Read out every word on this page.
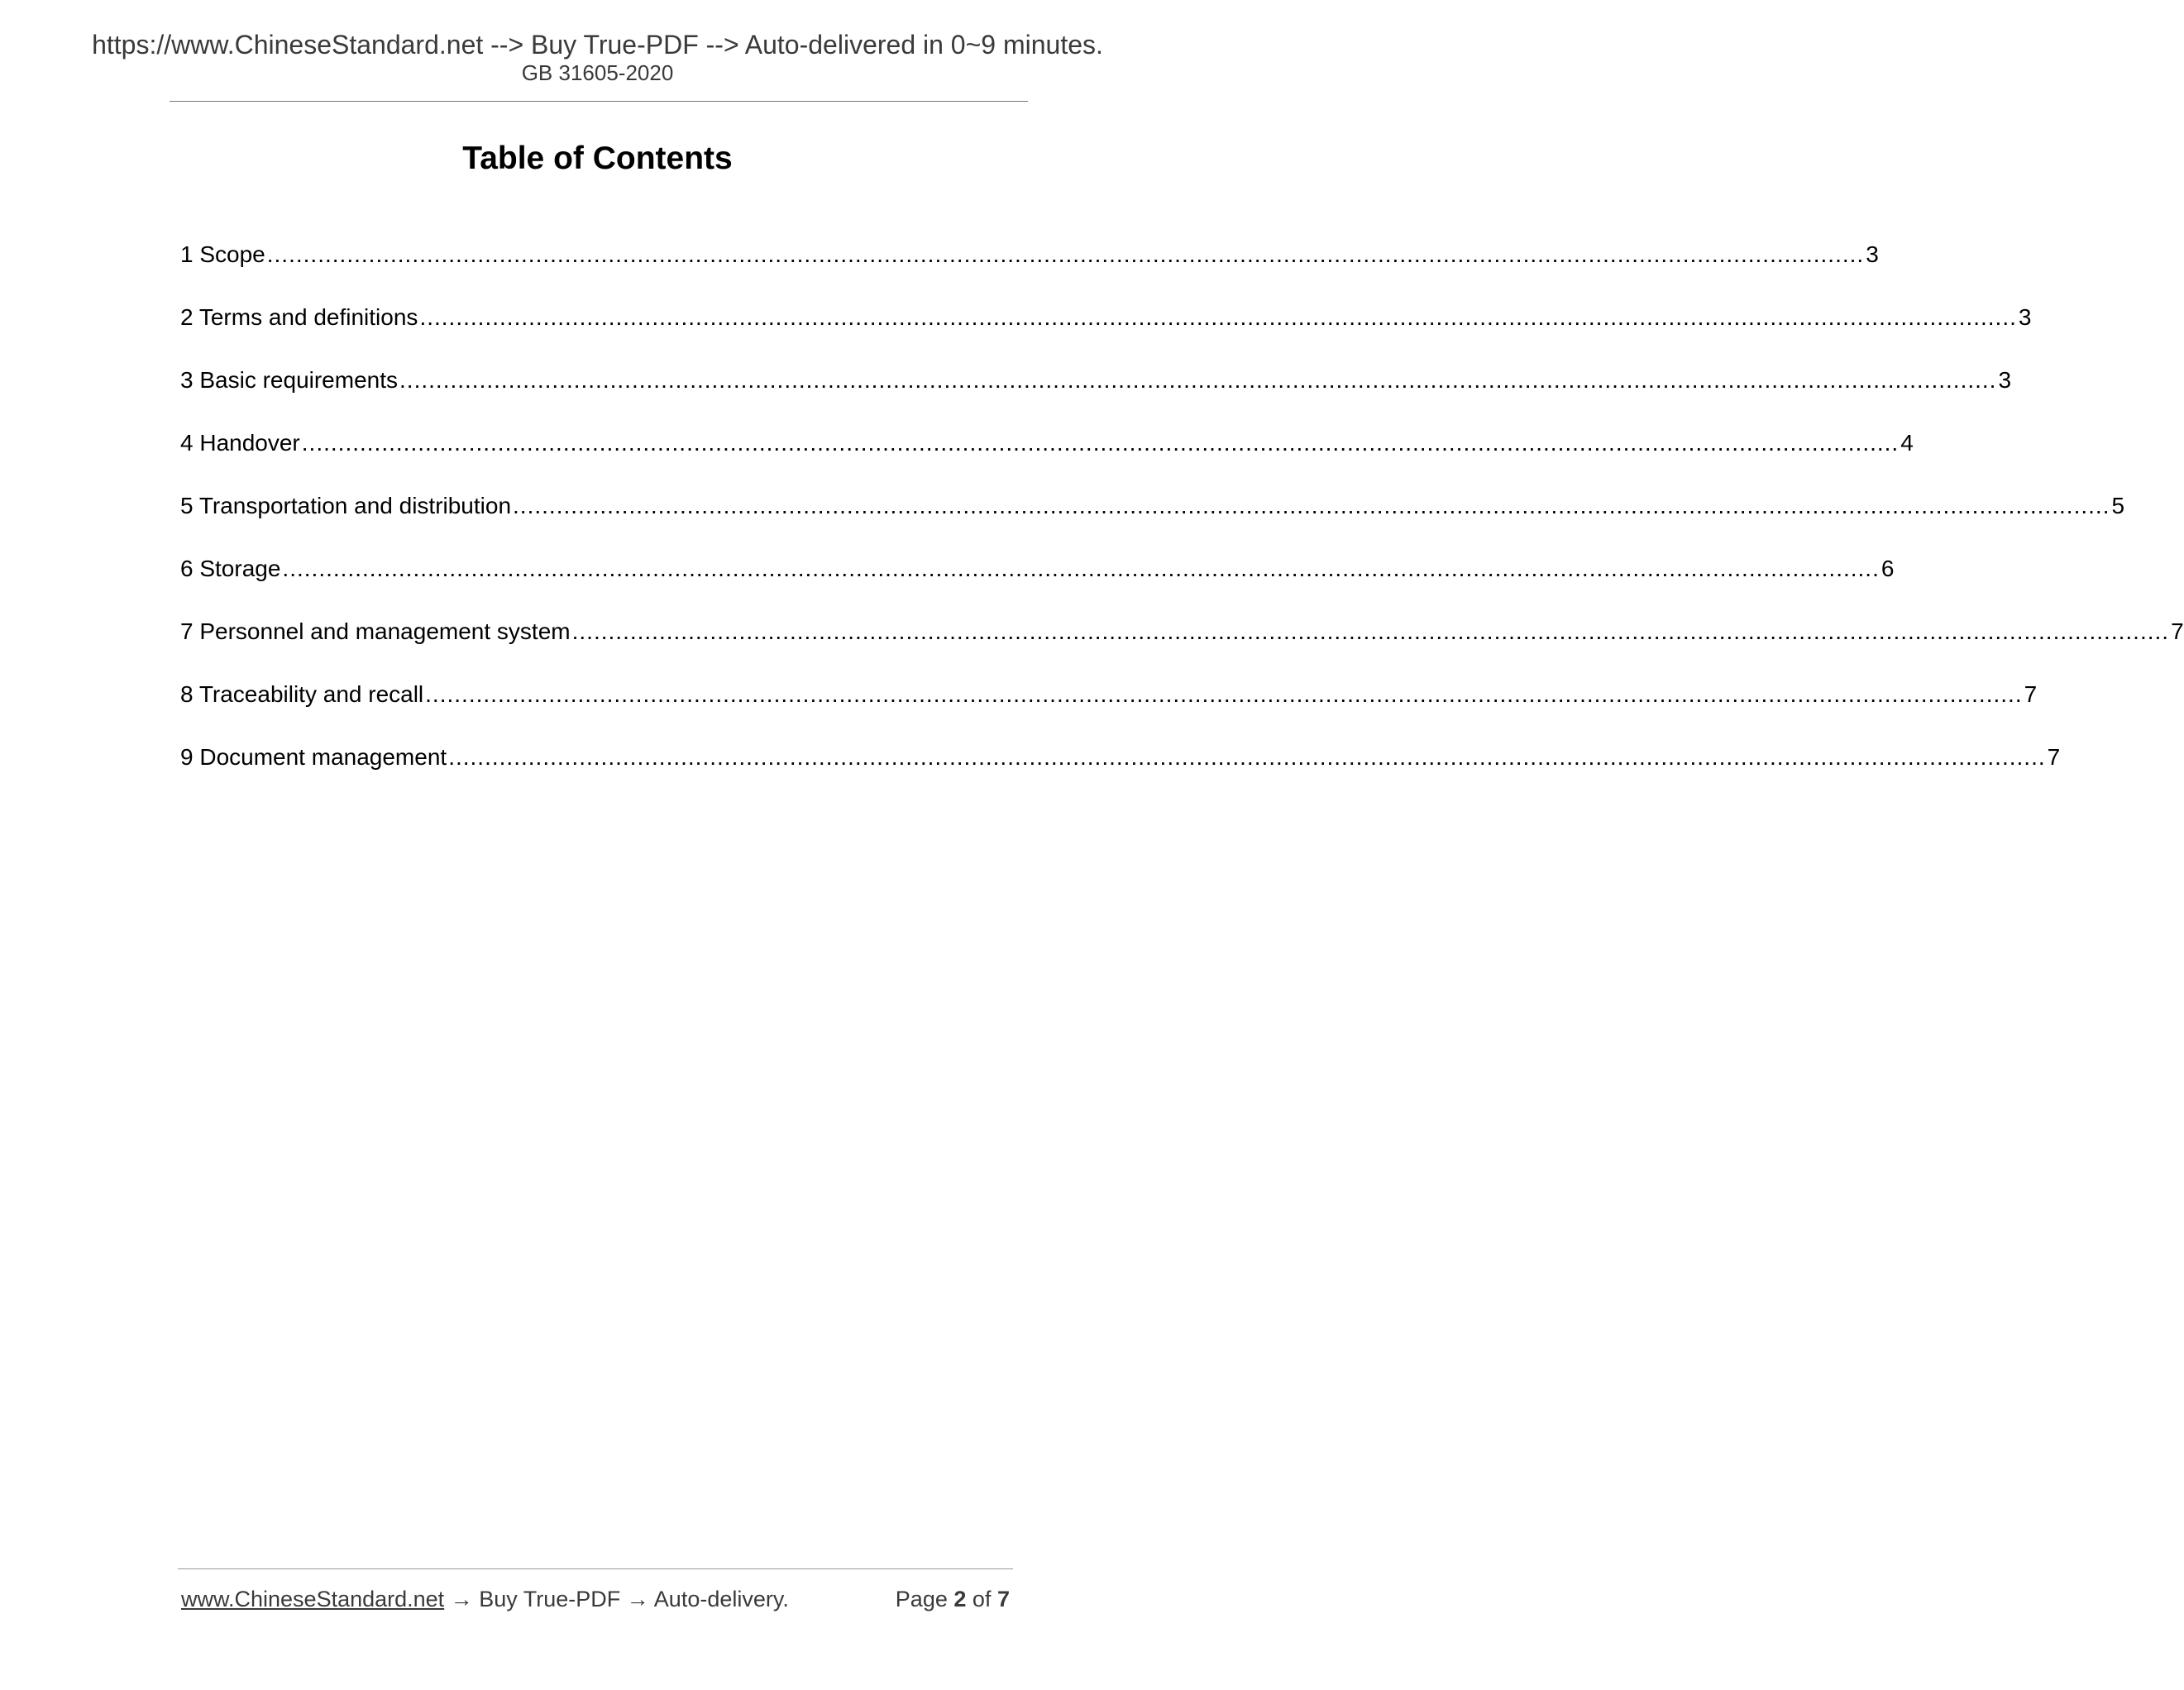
https://www.ChineseStandard.net --> Buy True-PDF --> Auto-delivered in 0~9 minutes.
GB 31605-2020
Table of Contents
1 Scope ............................................................................................................................................................................................................................ 3
2 Terms and definitions ............................................................................................................................................................................................................................ 3
3 Basic requirements ............................................................................................................................................................................................................................ 3
4 Handover ............................................................................................................................................................................................................................ 4
5 Transportation and distribution ............................................................................................................................................................................................................................ 5
6 Storage ............................................................................................................................................................................................................................ 6
7 Personnel and management system ............................................................................................................................................................................................................................ 7
8 Traceability and recall ............................................................................................................................................................................................................................ 7
9 Document management ............................................................................................................................................................................................................................ 7
www.ChineseStandard.net → Buy True-PDF → Auto-delivery.	Page 2 of 7
